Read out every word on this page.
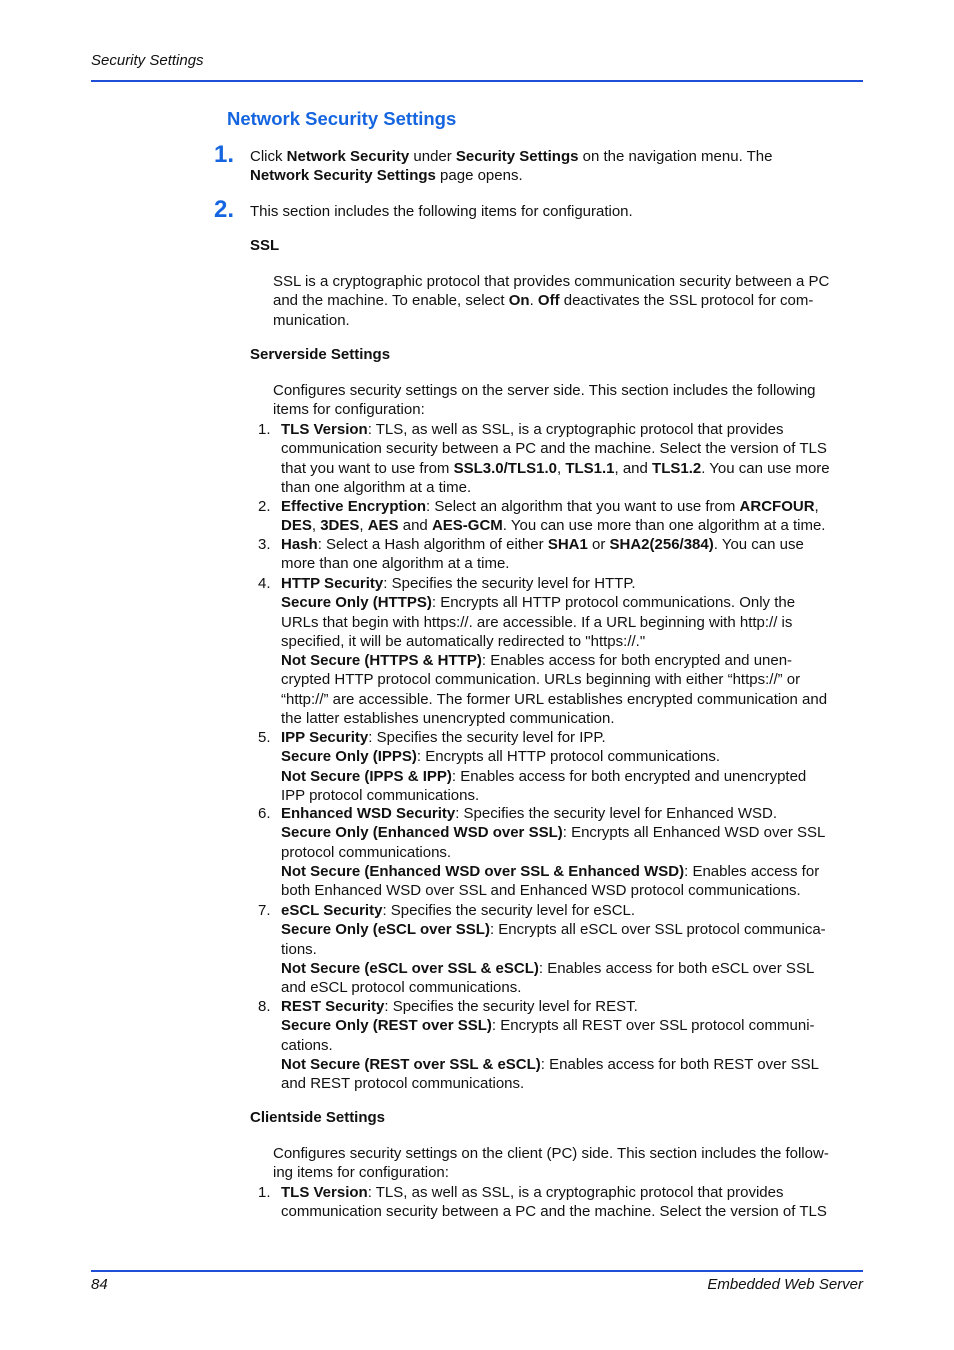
Security Settings
Network Security Settings
1. Click Network Security under Security Settings on the navigation menu. The
Network Security Settings page opens.
2. This section includes the following items for configuration.
SSL
SSL is a cryptographic protocol that provides communication security between a PC
and the machine. To enable, select On. Off deactivates the SSL protocol for com-
munication.
Serverside Settings
Configures security settings on the server side. This section includes the following
items for configuration:
1. TLS Version: TLS, as well as SSL, is a cryptographic protocol that provides
communication security between a PC and the machine. Select the version of TLS
that you want to use from SSL3.0/TLS1.0, TLS1.1, and TLS1.2. You can use more
than one algorithm at a time.
2. Effective Encryption: Select an algorithm that you want to use from ARCFOUR,
DES, 3DES, AES and AES-GCM. You can use more than one algorithm at a time.
3. Hash: Select a Hash algorithm of either SHA1 or SHA2(256/384). You can use
more than one algorithm at a time.
4. HTTP Security: Specifies the security level for HTTP.
Secure Only (HTTPS): Encrypts all HTTP protocol communications. Only the
URLs that begin with https://. are accessible. If a URL beginning with http:// is
specified, it will be automatically redirected to "https://."
Not Secure (HTTPS & HTTP): Enables access for both encrypted and unen-
crypted HTTP protocol communication. URLs beginning with either “https://” or
“http://” are accessible. The former URL establishes encrypted communication and
the latter establishes unencrypted communication.
5. IPP Security: Specifies the security level for IPP.
Secure Only (IPPS): Encrypts all HTTP protocol communications.
Not Secure (IPPS & IPP): Enables access for both encrypted and unencrypted
IPP protocol communications.
6. Enhanced WSD Security: Specifies the security level for Enhanced WSD.
Secure Only (Enhanced WSD over SSL): Encrypts all Enhanced WSD over SSL
protocol communications.
Not Secure (Enhanced WSD over SSL & Enhanced WSD): Enables access for
both Enhanced WSD over SSL and Enhanced WSD protocol communications.
7. eSCL Security: Specifies the security level for eSCL.
Secure Only (eSCL over SSL): Encrypts all eSCL over SSL protocol communica-
tions.
Not Secure (eSCL over SSL & eSCL): Enables access for both eSCL over SSL
and eSCL protocol communications.
8. REST Security: Specifies the security level for REST.
Secure Only (REST over SSL): Encrypts all REST over SSL protocol communi-
cations.
Not Secure (REST over SSL & eSCL): Enables access for both REST over SSL
and REST protocol communications.
Clientside Settings
Configures security settings on the client (PC) side. This section includes the follow-
ing items for configuration:
1. TLS Version: TLS, as well as SSL, is a cryptographic protocol that provides
communication security between a PC and the machine. Select the version of TLS
84	Embedded Web Server
